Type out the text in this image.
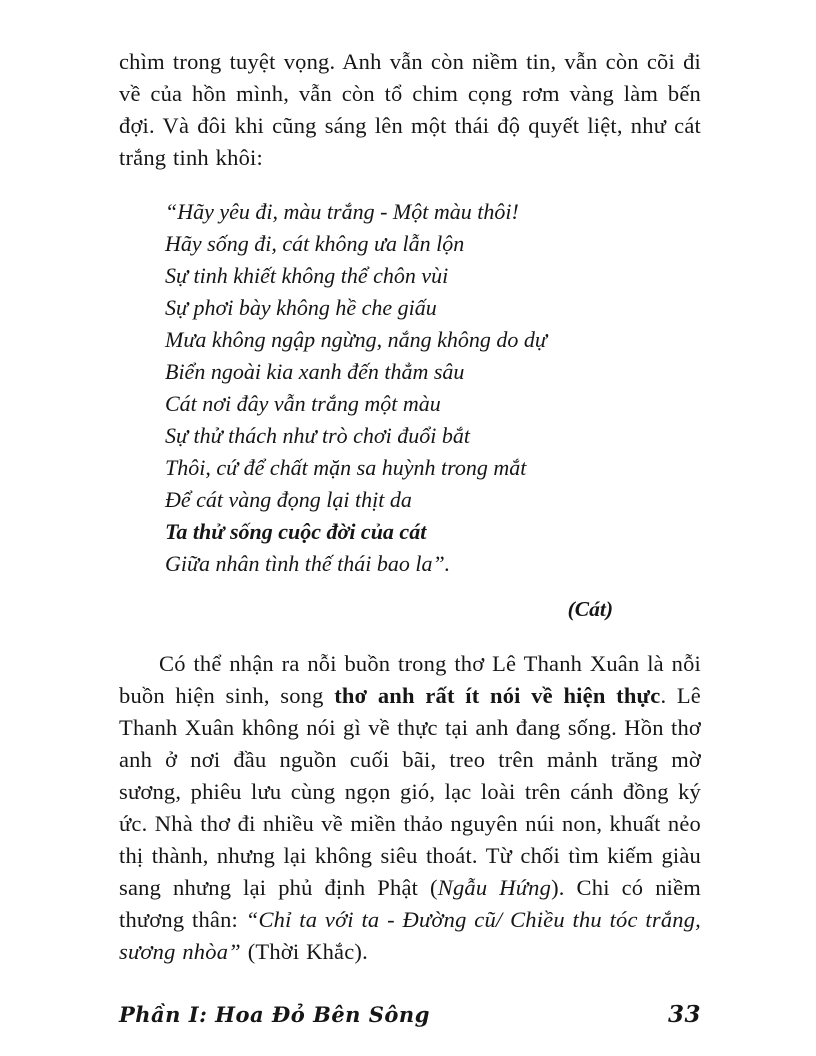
chìm trong tuyệt vọng. Anh vẫn còn niềm tin, vẫn còn cõi đi về của hồn mình, vẫn còn tổ chim cọng rơm vàng làm bến đợi. Và đôi khi cũng sáng lên một thái độ quyết liệt, như cát trắng tinh khôi:

“Hãy yêu đi, màu trắng - Một màu thôi!
Hãy sống đi, cát không ưa lẫn lộn
Sự tinh khiết không thể chôn vùi
Sự phơi bày không hề che giấu
Mưa không ngập ngừng, nắng không do dự
Biển ngoài kia xanh đến thẳm sâu
Cát nơi đây vẫn trắng một màu
Sự thử thách như trò chơi đuổi bắt
Thôi, cứ để chất mặn sa huỳnh trong mắt
Để cát vàng đọng lại thịt da
Ta thử sống cuộc đời của cát
Giữa nhân tình thế thái bao la”.
(Cát)

Có thể nhận ra nỗi buồn trong thơ Lê Thanh Xuân là nỗi buồn hiện sinh, song thơ anh rất ít nói về hiện thực. Lê Thanh Xuân không nói gì về thực tại anh đang sống. Hồn thơ anh ở nơi đầu nguồn cuối bãi, treo trên mảnh trăng mờ sương, phiêu lưu cùng ngọn gió, lạc loài trên cánh đồng ký ức. Nhà thơ đi nhiều về miền thảo nguyên núi non, khuất nẻo thị thành, nhưng lại không siêu thoát. Từ chối tìm kiếm giàu sang nhưng lại phủ định Phật (Ngẫu Hứng). Chi có niềm thương thân: “Chỉ ta với ta - Đường cũ/ Chiều thu tóc trắng, sương nhòa” (Thời Khắc).

Phần I: Hoa Đỏ Bên Sông	33
